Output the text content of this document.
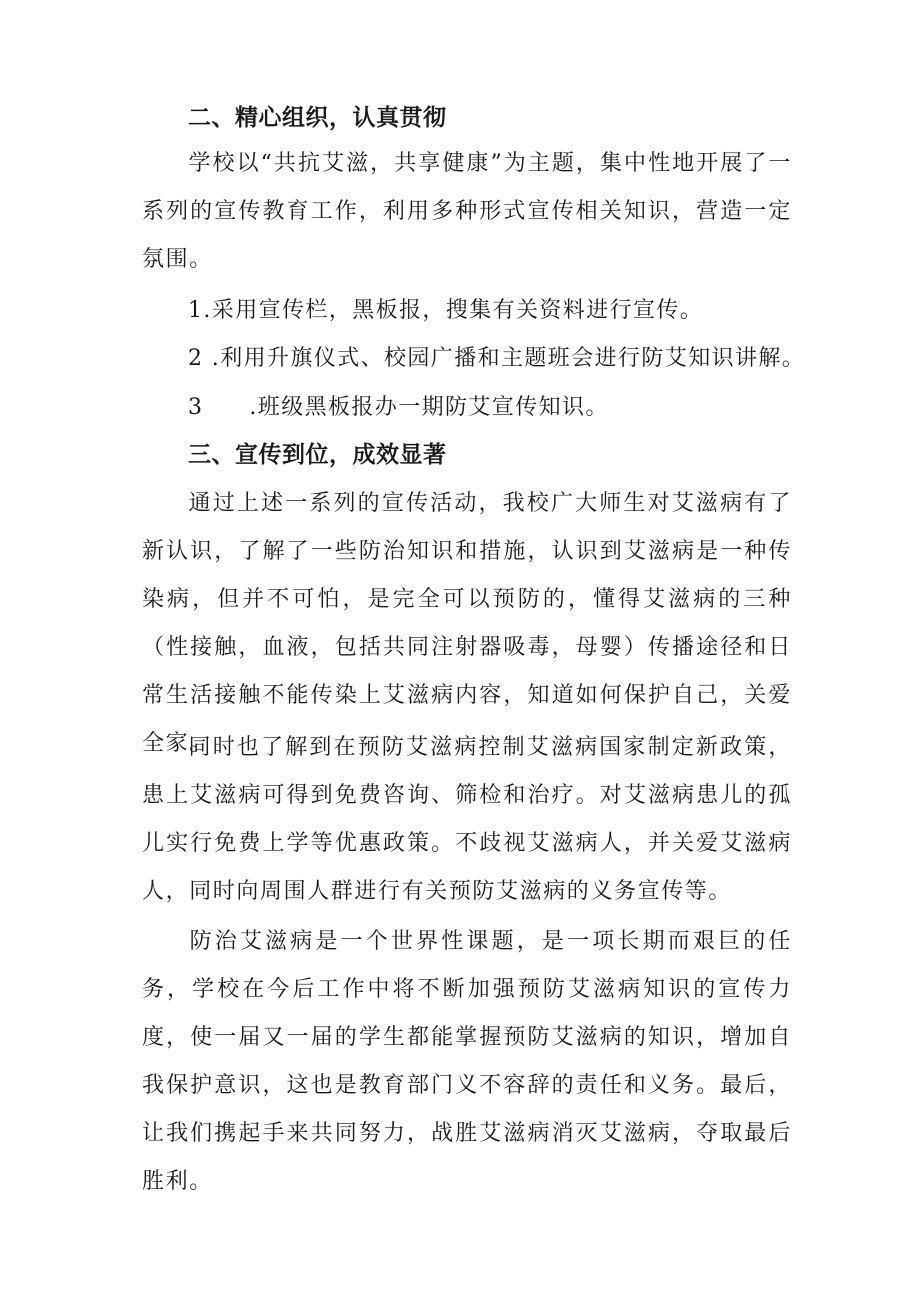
二、精心组织，认真贯彻
学校以“共抗艾滋，共享健康”为主题，集中性地开展了一系列的宣传教育工作，利用多种形式宣传相关知识，营造一定氛围。
1.采用宣传栏，黑板报，搜集有关资料进行宣传。
2 .利用升旗仪式、校园广播和主题班会进行防艾知识讲解。
3 .班级黑板报办一期防艾宣传知识。
三、宣传到位，成效显著
通过上述一系列的宣传活动，我校广大师生对艾滋病有了新认识，了解了一些防治知识和措施，认识到艾滋病是一种传染病，但并不可怕，是完全可以预防的，懂得艾滋病的三种（性接触，血液，包括共同注射器吸毒，母婴）传播途径和日常生活接触不能传染上艾滋病内容，知道如何保护自己，关爱全家。
同时也了解到在预防艾滋病控制艾滋病国家制定新政策，患上艾滋病可得到免费咨询、筛检和治疗。对艾滋病患儿的孤儿实行免费上学等优惠政策。不歧视艾滋病人，并关爱艾滋病人，同时向周围人群进行有关预防艾滋病的义务宣传等。
防治艾滋病是一个世界性课题，是一项长期而艰巨的任务，学校在今后工作中将不断加强预防艾滋病知识的宣传力度，使一届又一届的学生都能掌握预防艾滋病的知识，增加自我保护意识，这也是教育部门义不容辞的责任和义务。最后，让我们携起手来共同努力，战胜艾滋病消灭艾滋病，夺取最后胜利。
